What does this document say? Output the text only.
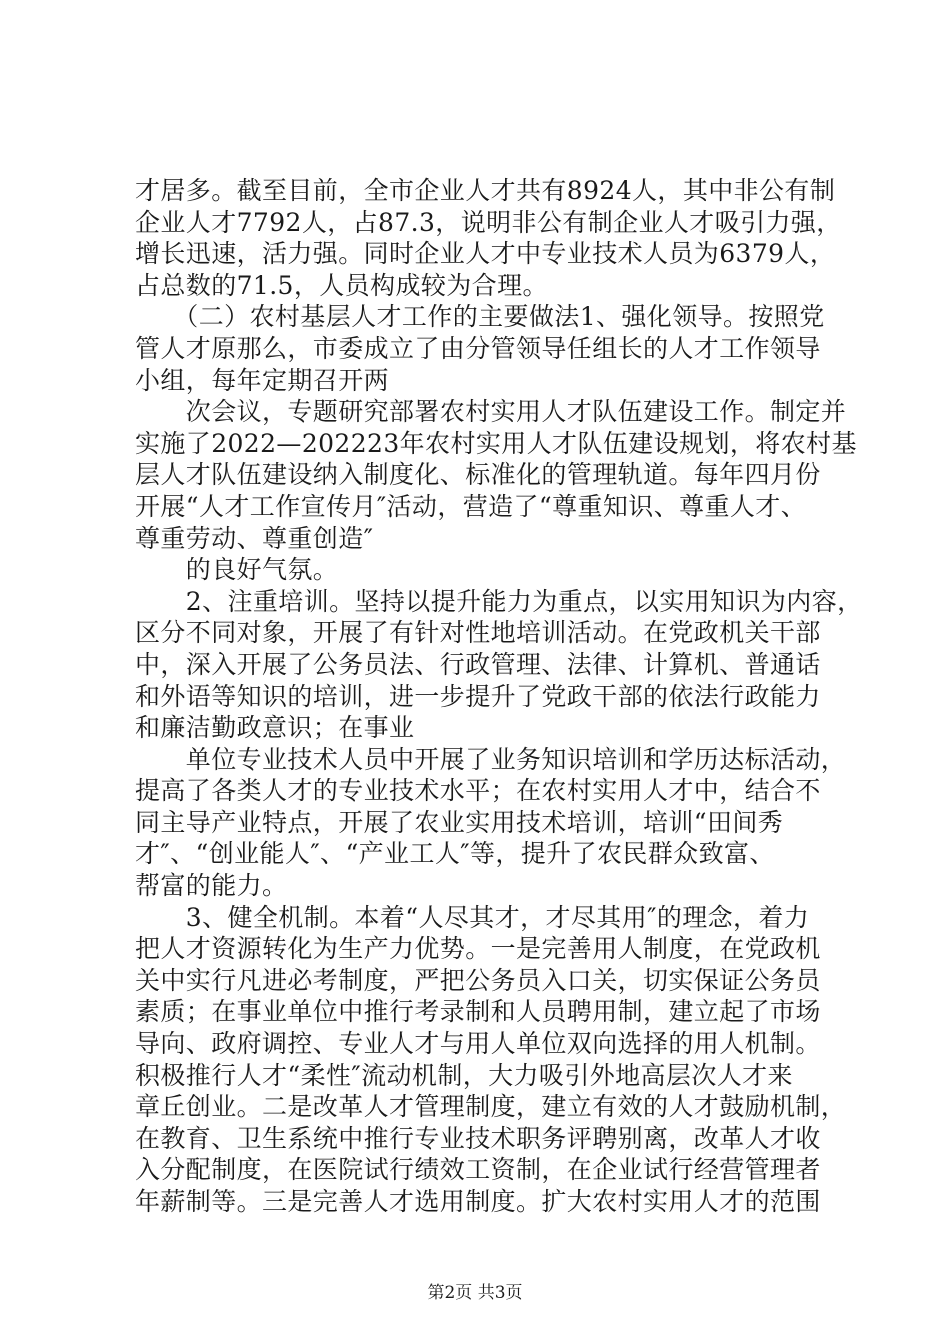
才居多。截至目前，全市企业人才共有8924人，其中非公有制
企业人才7792人，占87.3，说明非公有制企业人才吸引力强，
增长迅速，活力强。同时企业人才中专业技术人员为6379人，
占总数的71.5，人员构成较为合理。
　　（二）农村基层人才工作的主要做法1、强化领导。按照党
管人才原那么，市委成立了由分管领导任组长的人才工作领导
小组，每年定期召开两
　　次会议，专题研究部署农村实用人才队伍建设工作。制定并
实施了2022—202223年农村实用人才队伍建设规划，将农村基
层人才队伍建设纳入制度化、标准化的管理轨道。每年四月份
开展“人才工作宣传月″活动，营造了“尊重知识、尊重人才、
尊重劳动、尊重创造″
　　的良好气氛。
　　2、注重培训。坚持以提升能力为重点，以实用知识为内容，
区分不同对象，开展了有针对性地培训活动。在党政机关干部
中，深入开展了公务员法、行政管理、法律、计算机、普通话
和外语等知识的培训，进一步提升了党政干部的依法行政能力
和廉洁勤政意识；在事业
　　单位专业技术人员中开展了业务知识培训和学历达标活动，
提高了各类人才的专业技术水平；在农村实用人才中，结合不
同主导产业特点，开展了农业实用技术培训，培训“田间秀
才″、“创业能人″、“产业工人″等，提升了农民群众致富、
帮富的能力。
　　3、健全机制。本着“人尽其才，才尽其用″的理念，着力
把人才资源转化为生产力优势。一是完善用人制度，在党政机
关中实行凡进必考制度，严把公务员入口关，切实保证公务员
素质；在事业单位中推行考录制和人员聘用制，建立起了市场
导向、政府调控、专业人才与用人单位双向选择的用人机制。
积极推行人才“柔性″流动机制，大力吸引外地高层次人才来
章丘创业。二是改革人才管理制度，建立有效的人才鼓励机制，
在教育、卫生系统中推行专业技术职务评聘别离，改革人才收
入分配制度，在医院试行绩效工资制，在企业试行经营管理者
年薪制等。三是完善人才选用制度。扩大农村实用人才的范围
第2页 共3页
